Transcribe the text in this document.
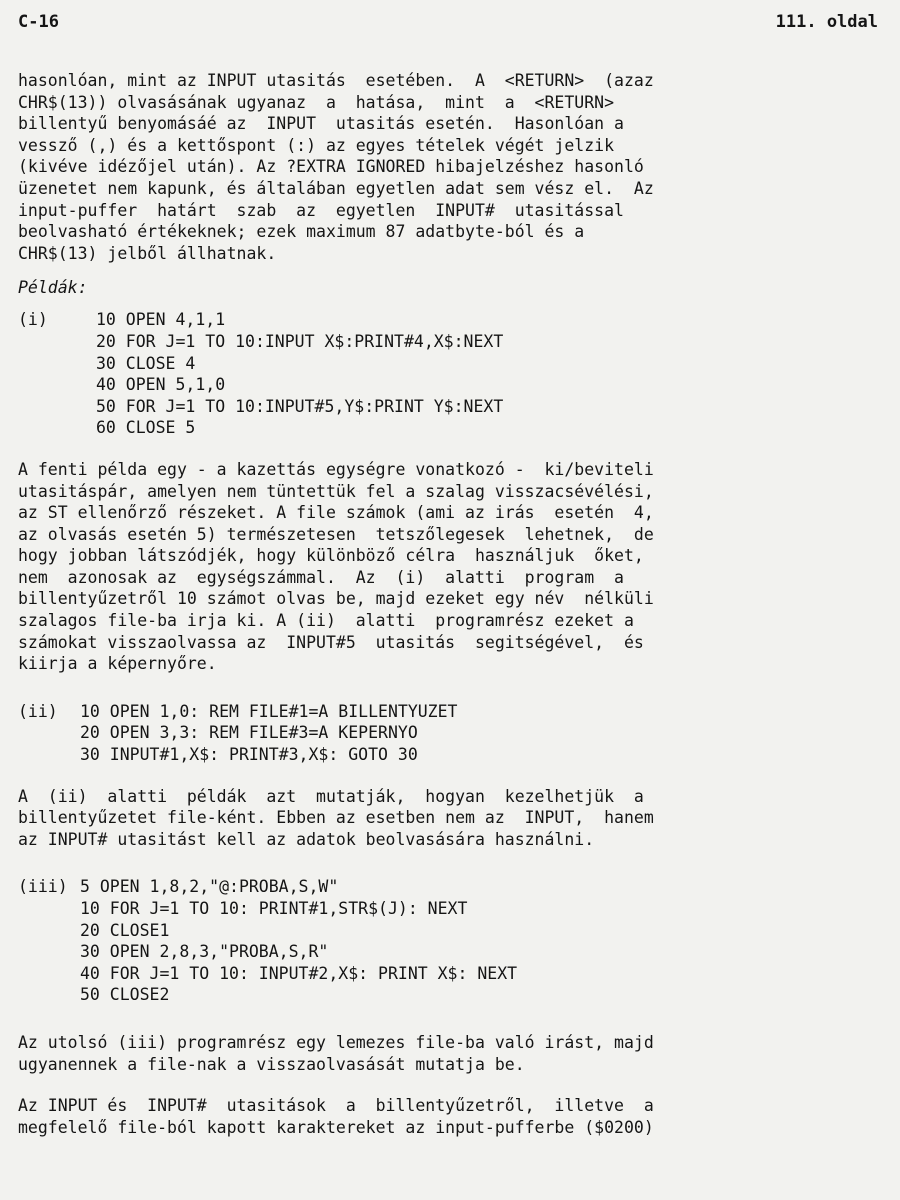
C-16	111. oldal
hasonlóan, mint az INPUT utasitás  esetében.  A  <RETURN>  (azaz
CHR$(13)) olvasásának ugyanaz  a  hatása,  mint  a  <RETURN>
billentyű benyomásáé az  INPUT  utasitás esetén.  Hasonlóan a
vessző (,) és a kettőspont (:) az egyes tételek végét jelzik
(kivéve idézőjel után). Az ?EXTRA IGNORED hibajelzéshez hasonló
üzenetet nem kapunk, és általában egyetlen adat sem vész el.  Az
input-puffer  határt  szab  az  egyetlen  INPUT#  utasitással
beolvasható értékeknek; ezek maximum 87 adatbyte-ból és a
CHR$(13) jelből állhatnak.
Példák:
(i)	10 OPEN 4,1,1
20 FOR J=1 TO 10:INPUT X$:PRINT#4,X$:NEXT
30 CLOSE 4
40 OPEN 5,1,0
50 FOR J=1 TO 10:INPUT#5,Y$:PRINT Y$:NEXT
60 CLOSE 5
A fenti példa egy - a kazettás egységre vonatkozó -  ki/beviteli
utasitáspár, amelyen nem tüntettük fel a szalag visszacsévélési,
az ST ellenőrző részeket. A file számok (ami az irás  esetén  4,
az olvasás esetén 5) természetesen  tetszőlegesek  lehetnek,  de
hogy jobban látszódjék, hogy különböző célra  használjuk  őket,
nem  azonosak az  egységszámmal.  Az  (i)  alatti  program  a
billentyűzetről 10 számot olvas be, majd ezeket egy név  nélküli
szalagos file-ba irja ki. A (ii)  alatti  programrész ezeket a
számokat visszaolvassa az  INPUT#5  utasitás  segitségével,  és
kiirja a képernyőre.
(ii)	10 OPEN 1,0: REM FILE#1=A BILLENTYUZET
20 OPEN 3,3: REM FILE#3=A KEPERNYO
30 INPUT#1,X$: PRINT#3,X$: GOTO 30
A  (ii)  alatti  példák  azt  mutatják,  hogyan  kezelhetjük  a
billentyűzetet file-ként. Ebben az esetben nem az  INPUT,  hanem
az INPUT# utasitást kell az adatok beolvasására használni.
(iii) 5 OPEN 1,8,2,"@:PROBA,S,W"
10 FOR J=1 TO 10: PRINT#1,STR$(J): NEXT
20 CLOSE1
30 OPEN 2,8,3,"PROBA,S,R"
40 FOR J=1 TO 10: INPUT#2,X$: PRINT X$: NEXT
50 CLOSE2
Az utolsó (iii) programrész egy lemezes file-ba való irást, majd
ugyanennek a file-nak a visszaolvasását mutatja be.
Az INPUT és  INPUT#  utasitások  a  billentyűzetről,  illetve  a
megfelelő file-ból kapott karaktereket az input-pufferbe ($0200)
